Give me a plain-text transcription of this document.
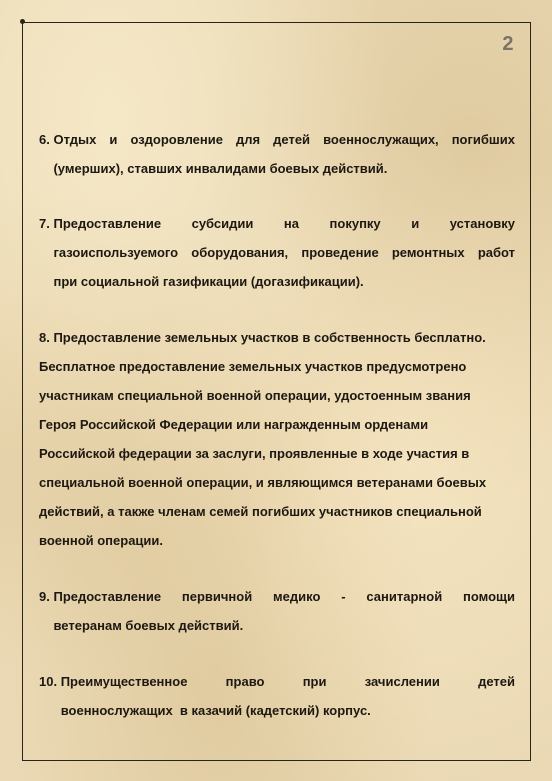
2
6.
Отдых и оздоровление для детей военнослужащих, погибших
(умерших), ставших инвалидами боевых действий.
7.
Предоставление субсидии на покупку и установку
газоиспользуемого оборудования, проведение ремонтных работ
при социальной газификации (догазификации).
8. Предоставление земельных участков в собственность бесплатно.
Бесплатное предоставление земельных участков предусмотрено
участникам специальной военной операции, удостоенным звания
Героя Российской Федерации или награжденным орденами
Российской федерации за заслуги, проявленные в ходе участия в
специальной военной операции, и являющимся ветеранами боевых
действий, а также членам семей погибших участников специальной
военной операции.
9.
Предоставление первичной медико - санитарной помощи
ветеранам боевых действий.
10.
Преимущественное право при зачислении детей
военнослужащих  в казачий (кадетский) корпус.
